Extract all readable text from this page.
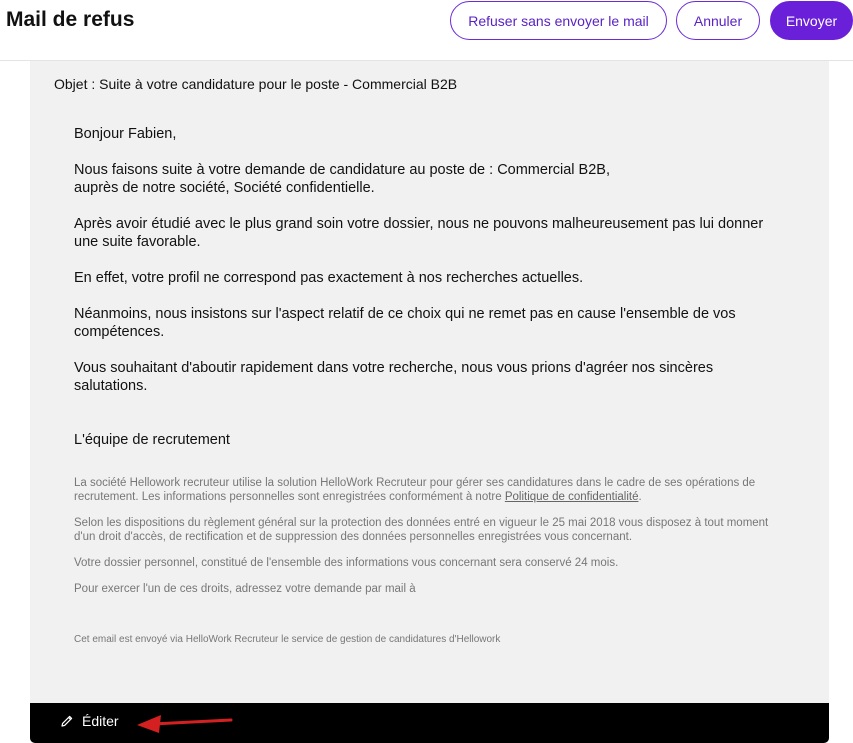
Mail de refus	Refuser sans envoyer le mail	Annuler	Envoyer
Objet : Suite à votre candidature pour le poste - Commercial B2B

Bonjour Fabien,

Nous faisons suite à votre demande de candidature au poste de : Commercial B2B,
auprès de notre société, Société confidentielle.

Après avoir étudié avec le plus grand soin votre dossier, nous ne pouvons malheureusement pas lui donner une suite favorable.

En effet, votre profil ne correspond pas exactement à nos recherches actuelles.

Néanmoins, nous insistons sur l'aspect relatif de ce choix qui ne remet pas en cause l'ensemble de vos compétences.

Vous souhaitant d'aboutir rapidement dans votre recherche, nous vous prions d'agréer nos sincères salutations.

L'équipe de recrutement

La société Hellowork recruteur utilise la solution HelloWork Recruteur pour gérer ses candidatures dans le cadre de ses opérations de recrutement. Les informations personnelles sont enregistrées conformément à notre Politique de confidentialité.

Selon les dispositions du règlement général sur la protection des données entré en vigueur le 25 mai 2018 vous disposez à tout moment d'un droit d'accès, de rectification et de suppression des données personnelles enregistrées vous concernant.

Votre dossier personnel, constitué de l'ensemble des informations vous concernant sera conservé 24 mois.

Pour exercer l'un de ces droits, adressez votre demande par mail à

Cet email est envoyé via HelloWork Recruteur le service de gestion de candidatures d'Hellowork
Éditer
